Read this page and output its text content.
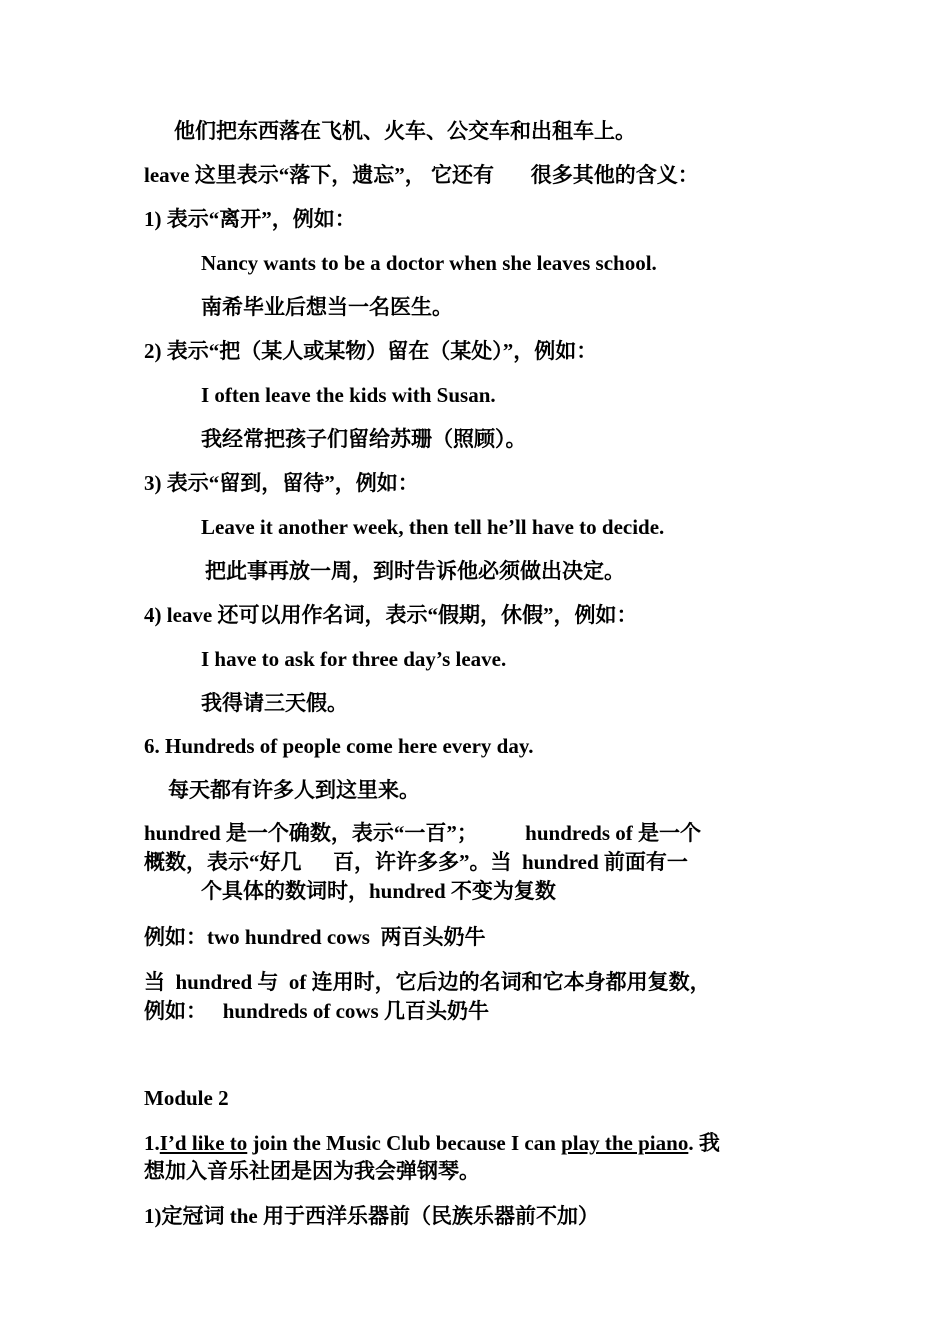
他们把东西落在飞机、火车、公交车和出租车上。
leave 这里表示“落下，遗忘”， 它还有       很多其他的含义：
1) 表示“离开”，例如：
Nancy wants to be a doctor when she leaves school.
南希毕业后想当一名医生。
2) 表示“把（某人或某物）留在（某处）”，例如：
I often leave the kids with Susan.
我经常把孩子们留给苏珊（照顾）。
3) 表示“留到，留待”，例如：
Leave it another week, then tell he’ll have to decide.
把此事再放一周，到时告诉他必须做出决定。
4) leave 还可以用作名词，表示“假期，休假”，例如：
I have to ask for three day’s leave.
我得请三天假。
6. Hundreds of people come here every day.
每天都有许多人到这里来。
hundred 是一个确数，表示“一百”；         hundreds of 是一个
概数，表示“好几      百，许许多多”。当  hundred 前面有一
个具体的数词时，hundred 不变为复数
例如：two hundred cows  两百头奶牛
当  hundred 与  of 连用时，它后边的名词和它本身都用复数，
例如：   hundreds of cows 几百头奶牛
Module 2
1.I’d like to join the Music Club because I can play the piano. 我
想加入音乐社团是因为我会弹钢琴。
1)定冠词 the 用于西洋乐器前（民族乐器前不加）
